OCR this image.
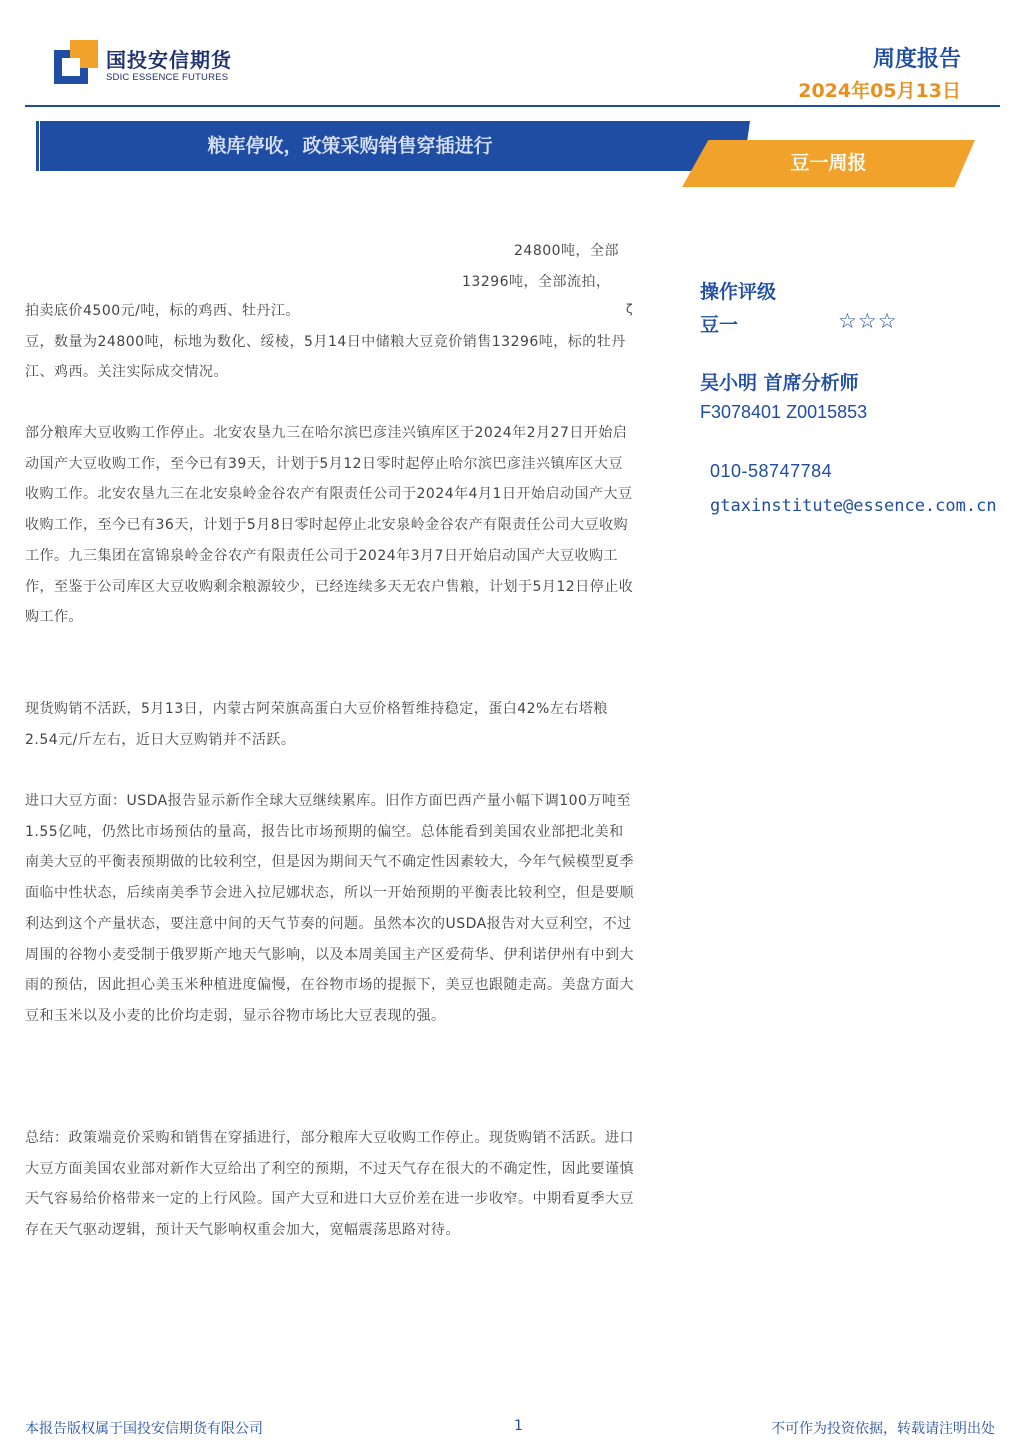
国投安信期货
SDIC ESSENCE FUTURES
周度报告
2024年05月13日
粮库停收，政策采购销售穿插进行
豆一周报
24800吨，全部
13296吨，全部流拍，
ζ
拍卖底价4500元/吨，标的鸡西、牡丹江。
豆，数量为24800吨，标地为数化、绥棱，5月14日中储粮大豆竞价销售13296吨，标的牡丹江、鸡西。关注实际成交情况。
部分粮库大豆收购工作停止。北安农垦九三在哈尔滨巴彦洼兴镇库区于2024年2月27日开始启动国产大豆收购工作，至今已有39天，计划于5月12日零时起停止哈尔滨巴彦洼兴镇库区大豆收购工作。北安农垦九三在北安泉岭金谷农产有限责任公司于2024年4月1日开始启动国产大豆收购工作，至今已有36天，计划于5月8日零时起停止北安泉岭金谷农产有限责任公司大豆收购工作。九三集团在富锦泉岭金谷农产有限责任公司于2024年3月7日开始启动国产大豆收购工作，至鉴于公司库区大豆收购剩余粮源较少，已经连续多天无农户售粮，计划于5月12日停止收购工作。
现货购销不活跃，5月13日，内蒙古阿荣旗高蛋白大豆价格暂维持稳定，蛋白42%左右塔粮2.54元/斤左右，近日大豆购销并不活跃。
进口大豆方面：USDA报告显示新作全球大豆继续累库。旧作方面巴西产量小幅下调100万吨至1.55亿吨，仍然比市场预估的量高，报告比市场预期的偏空。总体能看到美国农业部把北美和南美大豆的平衡表预期做的比较利空，但是因为期间天气不确定性因素较大，今年气候模型夏季面临中性状态，后续南美季节会进入拉尼娜状态，所以一开始预期的平衡表比较利空，但是要顺利达到这个产量状态，要注意中间的天气节奏的问题。虽然本次的USDA报告对大豆利空，不过周围的谷物小麦受制于俄罗斯产地天气影响，以及本周美国主产区爱荷华、伊利诺伊州有中到大雨的预估，因此担心美玉米种植进度偏慢，在谷物市场的提振下，美豆也跟随走高。美盘方面大豆和玉米以及小麦的比价均走弱，显示谷物市场比大豆表现的强。
总结：政策端竞价采购和销售在穿插进行，部分粮库大豆收购工作停止。现货购销不活跃。进口大豆方面美国农业部对新作大豆给出了利空的预期，不过天气存在很大的不确定性，因此要谨慎天气容易给价格带来一定的上行风险。国产大豆和进口大豆价差在进一步收窄。中期看夏季大豆存在天气驱动逻辑，预计天气影响权重会加大，宽幅震荡思路对待。
操作评级
豆一	☆☆☆
吴小明 首席分析师
F3078401 Z0015853
010-58747784
gtaxinstitute@essence.com.cn
本报告版权属于国投安信期货有限公司	1	不可作为投资依据，转载请注明出处
